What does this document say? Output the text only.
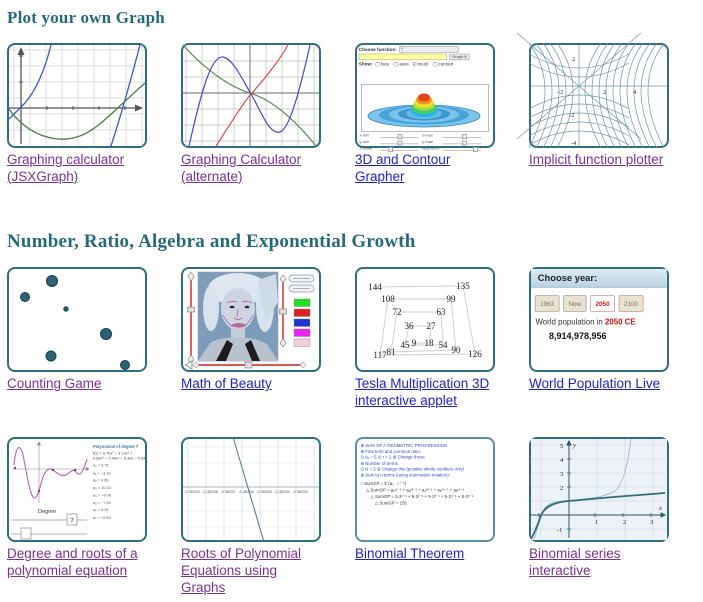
Plot your own Graph
Graphing calculator (JSXGraph)
Graphing Calculator (alternate)
Choose function: ▾
Graph it
Show: ◯ face ◯ axes ☑ mesh ◯ contour
x-min	x-max
y-min	y-max
z-scale	segments
3D and Contour Grapher
2
-2	2	4
-2
-4
Implicit function plotter
Number, Ratio, Algebra and Exponential Growth
Counting Game	Math of Beauty
9 18
27
36
45	54
63
72
81	90
99
108
117	126
135
144
Tesla Multiplication 3D interactive applet
Choose year:
1963	Now	2050	2100
World population in 2050 CE
8,914,978,956
World Population Live
Degree
7
Polynomial of degree 7
f(x) = 0.75x⁷ − 3.19x⁶ +
0.66x⁵ − 7.40x⁴ + 6.33x − 0.53
a₀ = 0.75
a₁ = −3.19
a₂ = 0.66
a₃ = 10.04
a₄ = −9.09
a₅ = −7.40
a₆ = 6.33
a₇ = −0.53
Degree and roots of a polynomial equation
-3.36259 -3.36258 -3.36257 -3.36256 -3.36255 -3.36254 -3.36253
Roots of Polynomial Equations using Graphs
⊕ SUM OF A GEOMETRIC PROGRESSION
⊕ First term and common ratio:
⊙ a₁ = 5 ⊙ r = 2 ⊕ Change these
⊕ Number of terms:
⊙ N = 5 ⊕ Change this (positive whole numbers only)
⊕ Sum to n terms (using summation notation):
□ SumGP = Σ (a₁ · r ⁱ⁻¹)
△ SumGP = a₁r¹⁻¹ + a₁r²⁻¹ + a₁r³⁻¹ + a₁r⁴⁻¹ + a₁r⁵⁻¹
△ SumGP = 5·2¹⁻¹ + 5·2²⁻¹ + 5·2³⁻¹ + 5·2⁴⁻¹ + 5·2⁵⁻¹
△ SumGP = 155
Binomial Theorem
5
4
3
2
-1
1	2	3
x
y
Binomial series interactive
